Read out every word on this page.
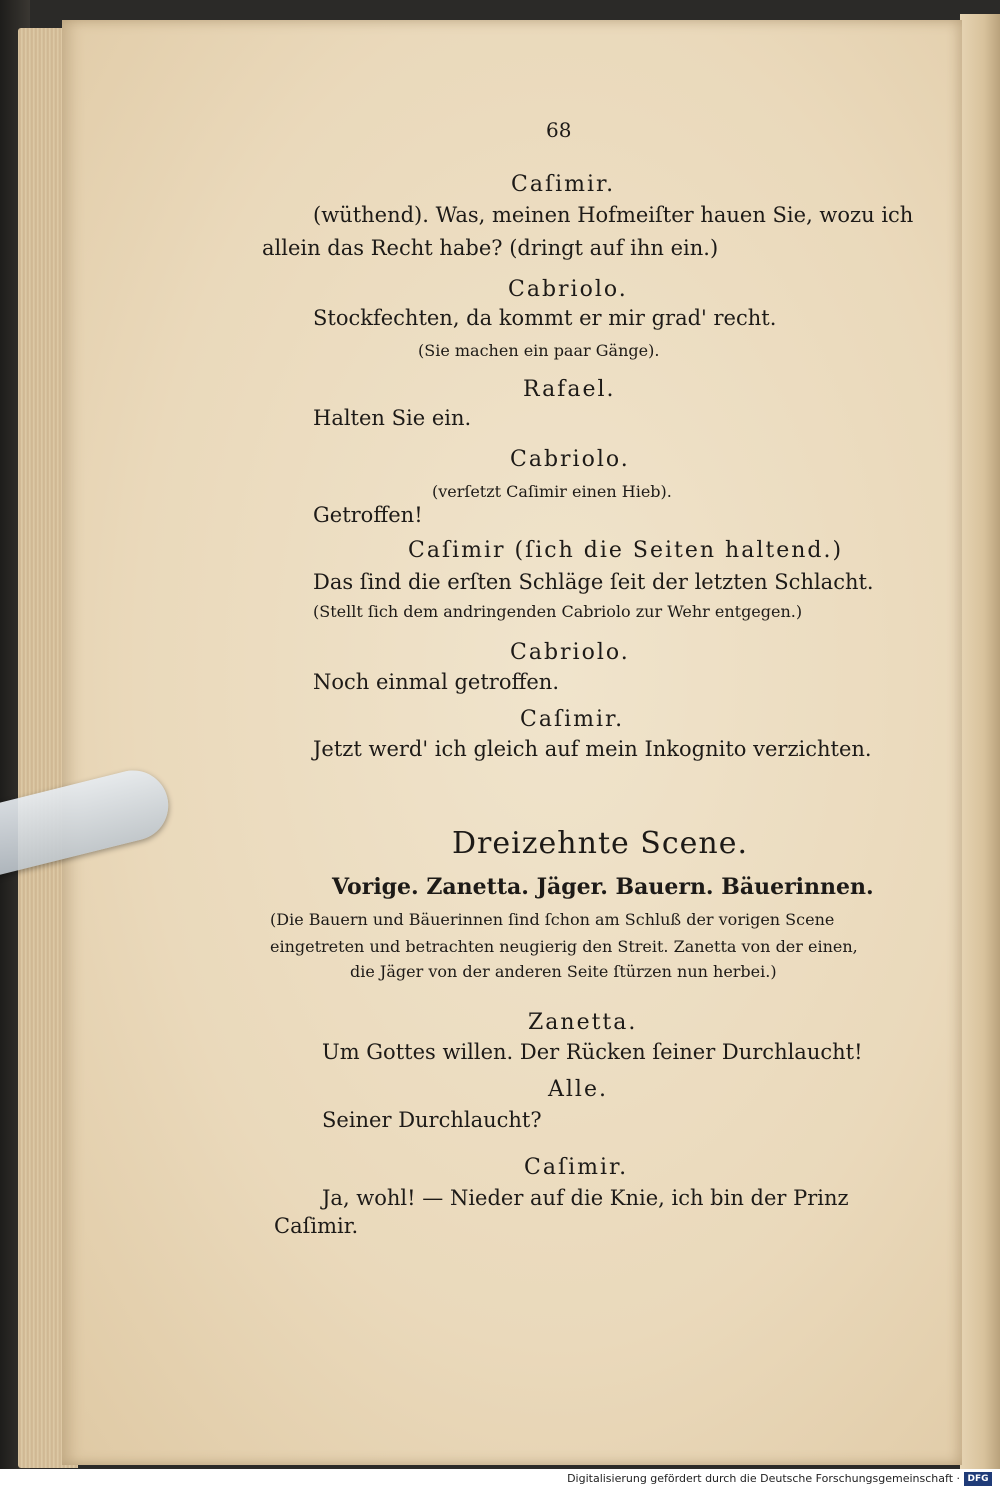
68
Caſimir.
(wüthend). Was, meinen Hofmeiſter hauen Sie, wozu ich
allein das Recht habe? (dringt auf ihn ein.)
Cabriolo.
Stockfechten, da kommt er mir grad' recht.
(Sie machen ein paar Gänge).
Rafael.
Halten Sie ein.
Cabriolo.
(verſetzt Caſimir einen Hieb).
Getroffen!
Caſimir (ſich die Seiten haltend.)
Das ſind die erſten Schläge ſeit der letzten Schlacht.
(Stellt ſich dem andringenden Cabriolo zur Wehr entgegen.)
Cabriolo.
Noch einmal getroffen.
Caſimir.
Jetzt werd' ich gleich auf mein Inkognito verzichten.
Dreizehnte Scene.
Vorige. Zanetta. Jäger. Bauern. Bäuerinnen.
(Die Bauern und Bäuerinnen ſind ſchon am Schluß der vorigen Scene
eingetreten und betrachten neugierig den Streit. Zanetta von der einen,
die Jäger von der anderen Seite ſtürzen nun herbei.)
Zanetta.
Um Gottes willen. Der Rücken ſeiner Durchlaucht!
Alle.
Seiner Durchlaucht?
Caſimir.
Ja, wohl! — Nieder auf die Knie, ich bin der Prinz
Caſimir.
Digitalisierung gefördert durch die Deutsche Forschungsgemeinschaft · DFG
